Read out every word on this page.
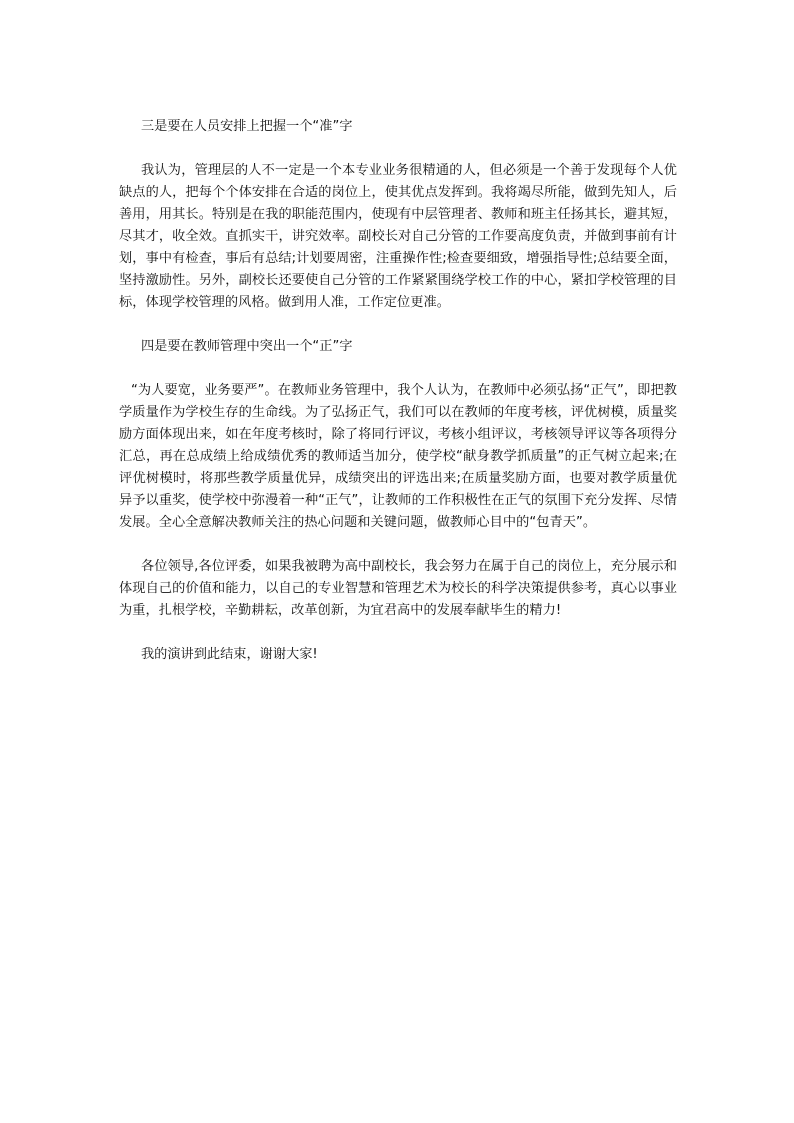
三是要在人员安排上把握一个“准”字

我认为，管理层的人不一定是一个本专业业务很精通的人，但必须是一个善于发现每个人优缺点的人，把每个个体安排在合适的岗位上，使其优点发挥到。我将竭尽所能，做到先知人，后善用，用其长。特别是在我的职能范围内，使现有中层管理者、教师和班主任扬其长，避其短，尽其才，收全效。直抓实干，讲究效率。副校长对自己分管的工作要高度负责，并做到事前有计划，事中有检查，事后有总结;计划要周密，注重操作性;检查要细致，增强指导性;总结要全面，坚持激励性。另外，副校长还要使自己分管的工作紧紧围绕学校工作的中心，紧扣学校管理的目标，体现学校管理的风格。做到用人准，工作定位更准。

四是要在教师管理中突出一个“正”字

“为人要宽，业务要严”。在教师业务管理中，我个人认为，在教师中必须弘扬“正气”，即把教学质量作为学校生存的生命线。为了弘扬正气，我们可以在教师的年度考核，评优树模，质量奖励方面体现出来，如在年度考核时，除了将同行评议，考核小组评议，考核领导评议等各项得分汇总，再在总成绩上给成绩优秀的教师适当加分，使学校“献身教学抓质量”的正气树立起来;在评优树模时，将那些教学质量优异，成绩突出的评选出来;在质量奖励方面，也要对教学质量优异予以重奖，使学校中弥漫着一种“正气”，让教师的工作积极性在正气的氛围下充分发挥、尽情发展。全心全意解决教师关注的热心问题和关键问题，做教师心目中的“包青天”。

各位领导,各位评委，如果我被聘为高中副校长，我会努力在属于自己的岗位上，充分展示和体现自己的价值和能力，以自己的专业智慧和管理艺术为校长的科学决策提供参考，真心以事业为重，扎根学校，辛勤耕耘，改革创新，为宜君高中的发展奉献毕生的精力!

我的演讲到此结束，谢谢大家!
